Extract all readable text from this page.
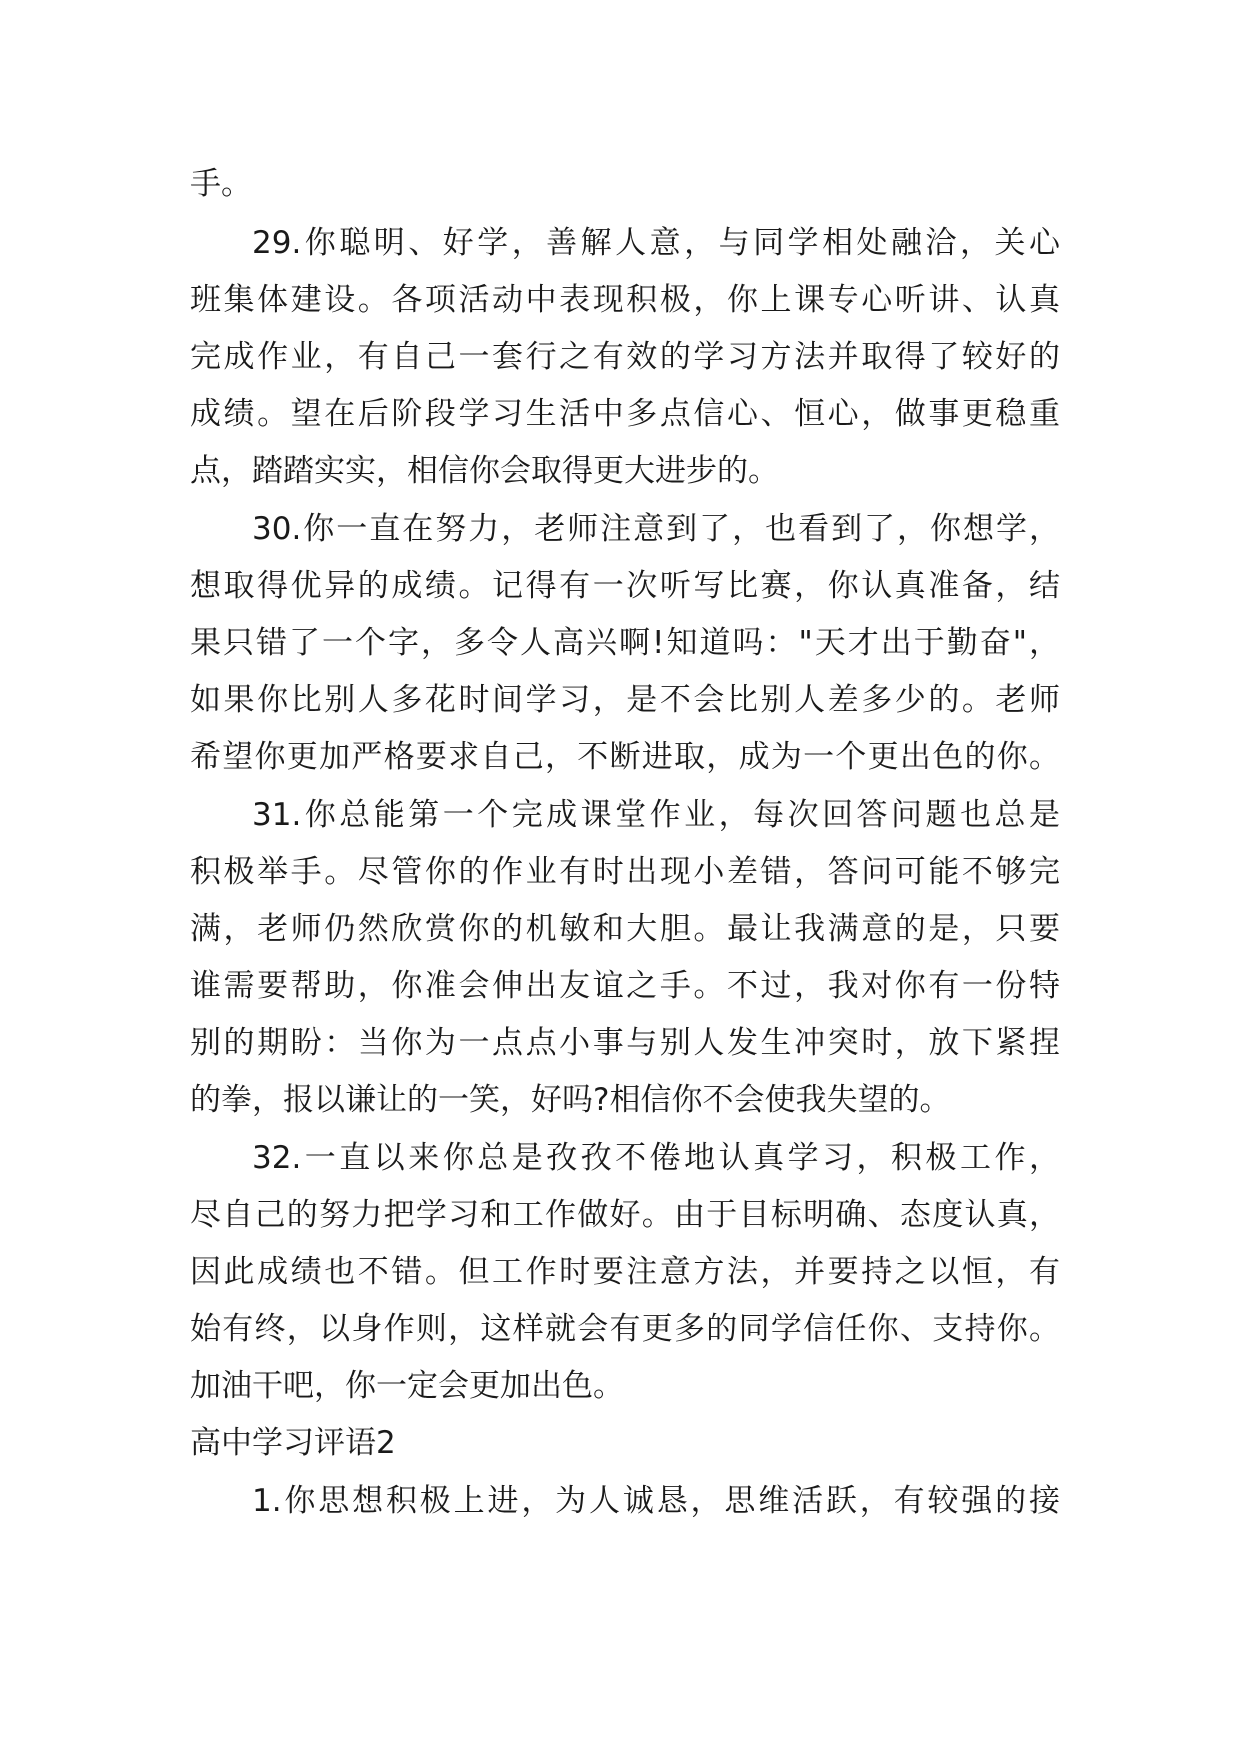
手。
29.你聪明、好学，善解人意，与同学相处融洽，关心
班集体建设。各项活动中表现积极，你上课专心听讲、认真
完成作业，有自己一套行之有效的学习方法并取得了较好的
成绩。望在后阶段学习生活中多点信心、恒心，做事更稳重
点，踏踏实实，相信你会取得更大进步的。
30.你一直在努力，老师注意到了，也看到了，你想学，
想取得优异的成绩。记得有一次听写比赛，你认真准备，结
果只错了一个字，多令人高兴啊!知道吗："天才出于勤奋"，
如果你比别人多花时间学习，是不会比别人差多少的。老师
希望你更加严格要求自己，不断进取，成为一个更出色的你。
31.你总能第一个完成课堂作业，每次回答问题也总是
积极举手。尽管你的作业有时出现小差错，答问可能不够完
满，老师仍然欣赏你的机敏和大胆。最让我满意的是，只要
谁需要帮助，你准会伸出友谊之手。不过，我对你有一份特
别的期盼：当你为一点点小事与别人发生冲突时，放下紧捏
的拳，报以谦让的一笑，好吗?相信你不会使我失望的。
32.一直以来你总是孜孜不倦地认真学习，积极工作，
尽自己的努力把学习和工作做好。由于目标明确、态度认真，
因此成绩也不错。但工作时要注意方法，并要持之以恒，有
始有终，以身作则，这样就会有更多的同学信任你、支持你。
加油干吧，你一定会更加出色。
高中学习评语2
1.你思想积极上进，为人诚恳，思维活跃，有较强的接
